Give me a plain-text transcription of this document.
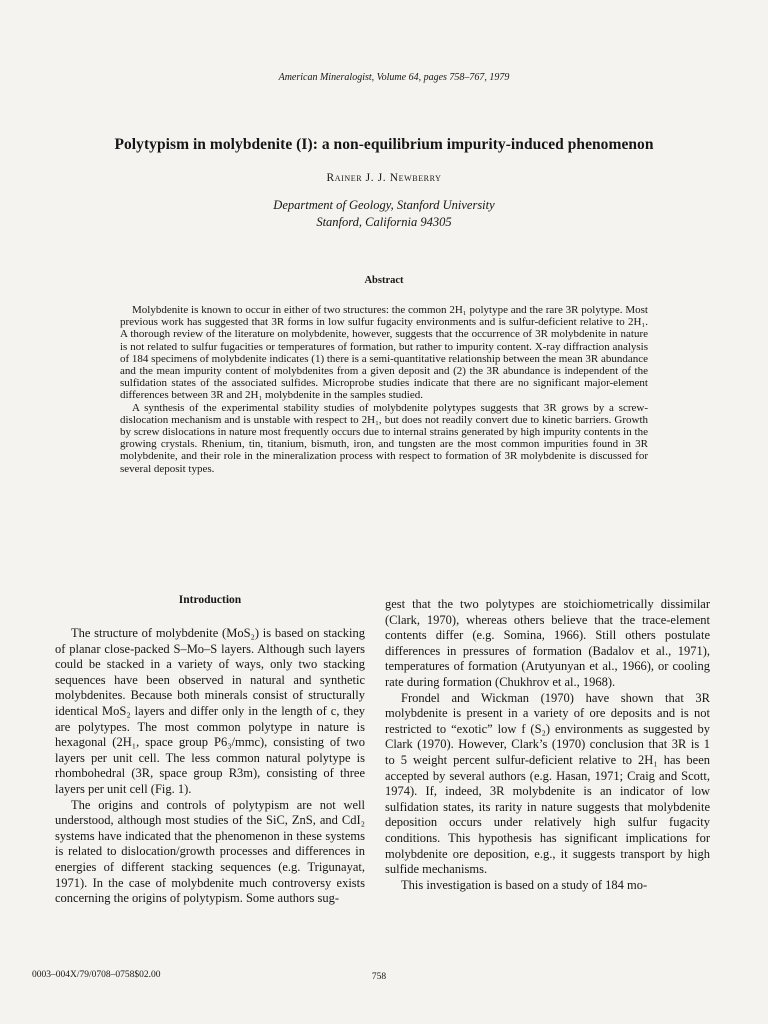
American Mineralogist, Volume 64, pages 758–767, 1979
Polytypism in molybdenite (I): a non-equilibrium impurity-induced phenomenon
Rainer J. J. Newberry
Department of Geology, Stanford University
Stanford, California 94305
Abstract

Molybdenite is known to occur in either of two structures: the common 2H₁ polytype and the rare 3R polytype. Most previous work has suggested that 3R forms in low sulfur fugacity environments and is sulfur-deficient relative to 2H₁. A thorough review of the literature on molybdenite, however, suggests that the occurrence of 3R molybdenite in nature is not related to sulfur fugacities or temperatures of formation, but rather to impurity content. X-ray diffraction analysis of 184 specimens of molybdenite indicates (1) there is a semi-quantitative relationship between the mean 3R abundance and the mean impurity content of molybdenites from a given deposit and (2) the 3R abundance is independent of the sulfidation states of the associated sulfides. Microprobe studies indicate that there are no significant major-element differences between 3R and 2H₁ molybdenite in the samples studied.

A synthesis of the experimental stability studies of molybdenite polytypes suggests that 3R grows by a screw-dislocation mechanism and is unstable with respect to 2H₁, but does not readily convert due to kinetic barriers. Growth by screw dislocations in nature most frequently occurs due to internal strains generated by high impurity contents in the growing crystals. Rhenium, tin, titanium, bismuth, iron, and tungsten are the most common impurities found in 3R molybdenite, and their role in the mineralization process with respect to formation of 3R molybdenite is discussed for several deposit types.

Introduction

The structure of molybdenite (MoS₂) is based on stacking of planar close-packed S–Mo–S layers. Although such layers could be stacked in a variety of ways, only two stacking sequences have been observed in natural and synthetic molybdenites. Because both minerals consist of structurally identical MoS₂ layers and differ only in the length of c, they are polytypes. The most common polytype in nature is hexagonal (2H₁, space group P6₃/mmc), consisting of two layers per unit cell. The less common natural polytype is rhombohedral (3R, space group R3m), consisting of three layers per unit cell (Fig. 1).

The origins and controls of polytypism are not well understood, although most studies of the SiC, ZnS, and CdI₂ systems have indicated that the phenomenon in these systems is related to dislocation/growth processes and differences in energies of different stacking sequences (e.g. Trigunayat, 1971). In the case of molybdenite much controversy exists concerning the origins of polytypism. Some authors sug-

gest that the two polytypes are stoichiometrically dissimilar (Clark, 1970), whereas others believe that the trace-element contents differ (e.g. Somina, 1966). Still others postulate differences in pressures of formation (Badalov et al., 1971), temperatures of formation (Arutyunyan et al., 1966), or cooling rate during formation (Chukhrov et al., 1968).

Frondel and Wickman (1970) have shown that 3R molybdenite is present in a variety of ore deposits and is not restricted to “exotic” low f (S₂) environments as suggested by Clark (1970). However, Clark’s (1970) conclusion that 3R is 1 to 5 weight percent sulfur-deficient relative to 2H₁ has been accepted by several authors (e.g. Hasan, 1971; Craig and Scott, 1974). If, indeed, 3R molybdenite is an indicator of low sulfidation states, its rarity in nature suggests that molybdenite deposition occurs under relatively high sulfur fugacity conditions. This hypothesis has significant implications for molybdenite ore deposition, e.g., it suggests transport by high sulfide mechanisms.

This investigation is based on a study of 184 mo-

0003–004X/79/0708–0758$02.00	758
